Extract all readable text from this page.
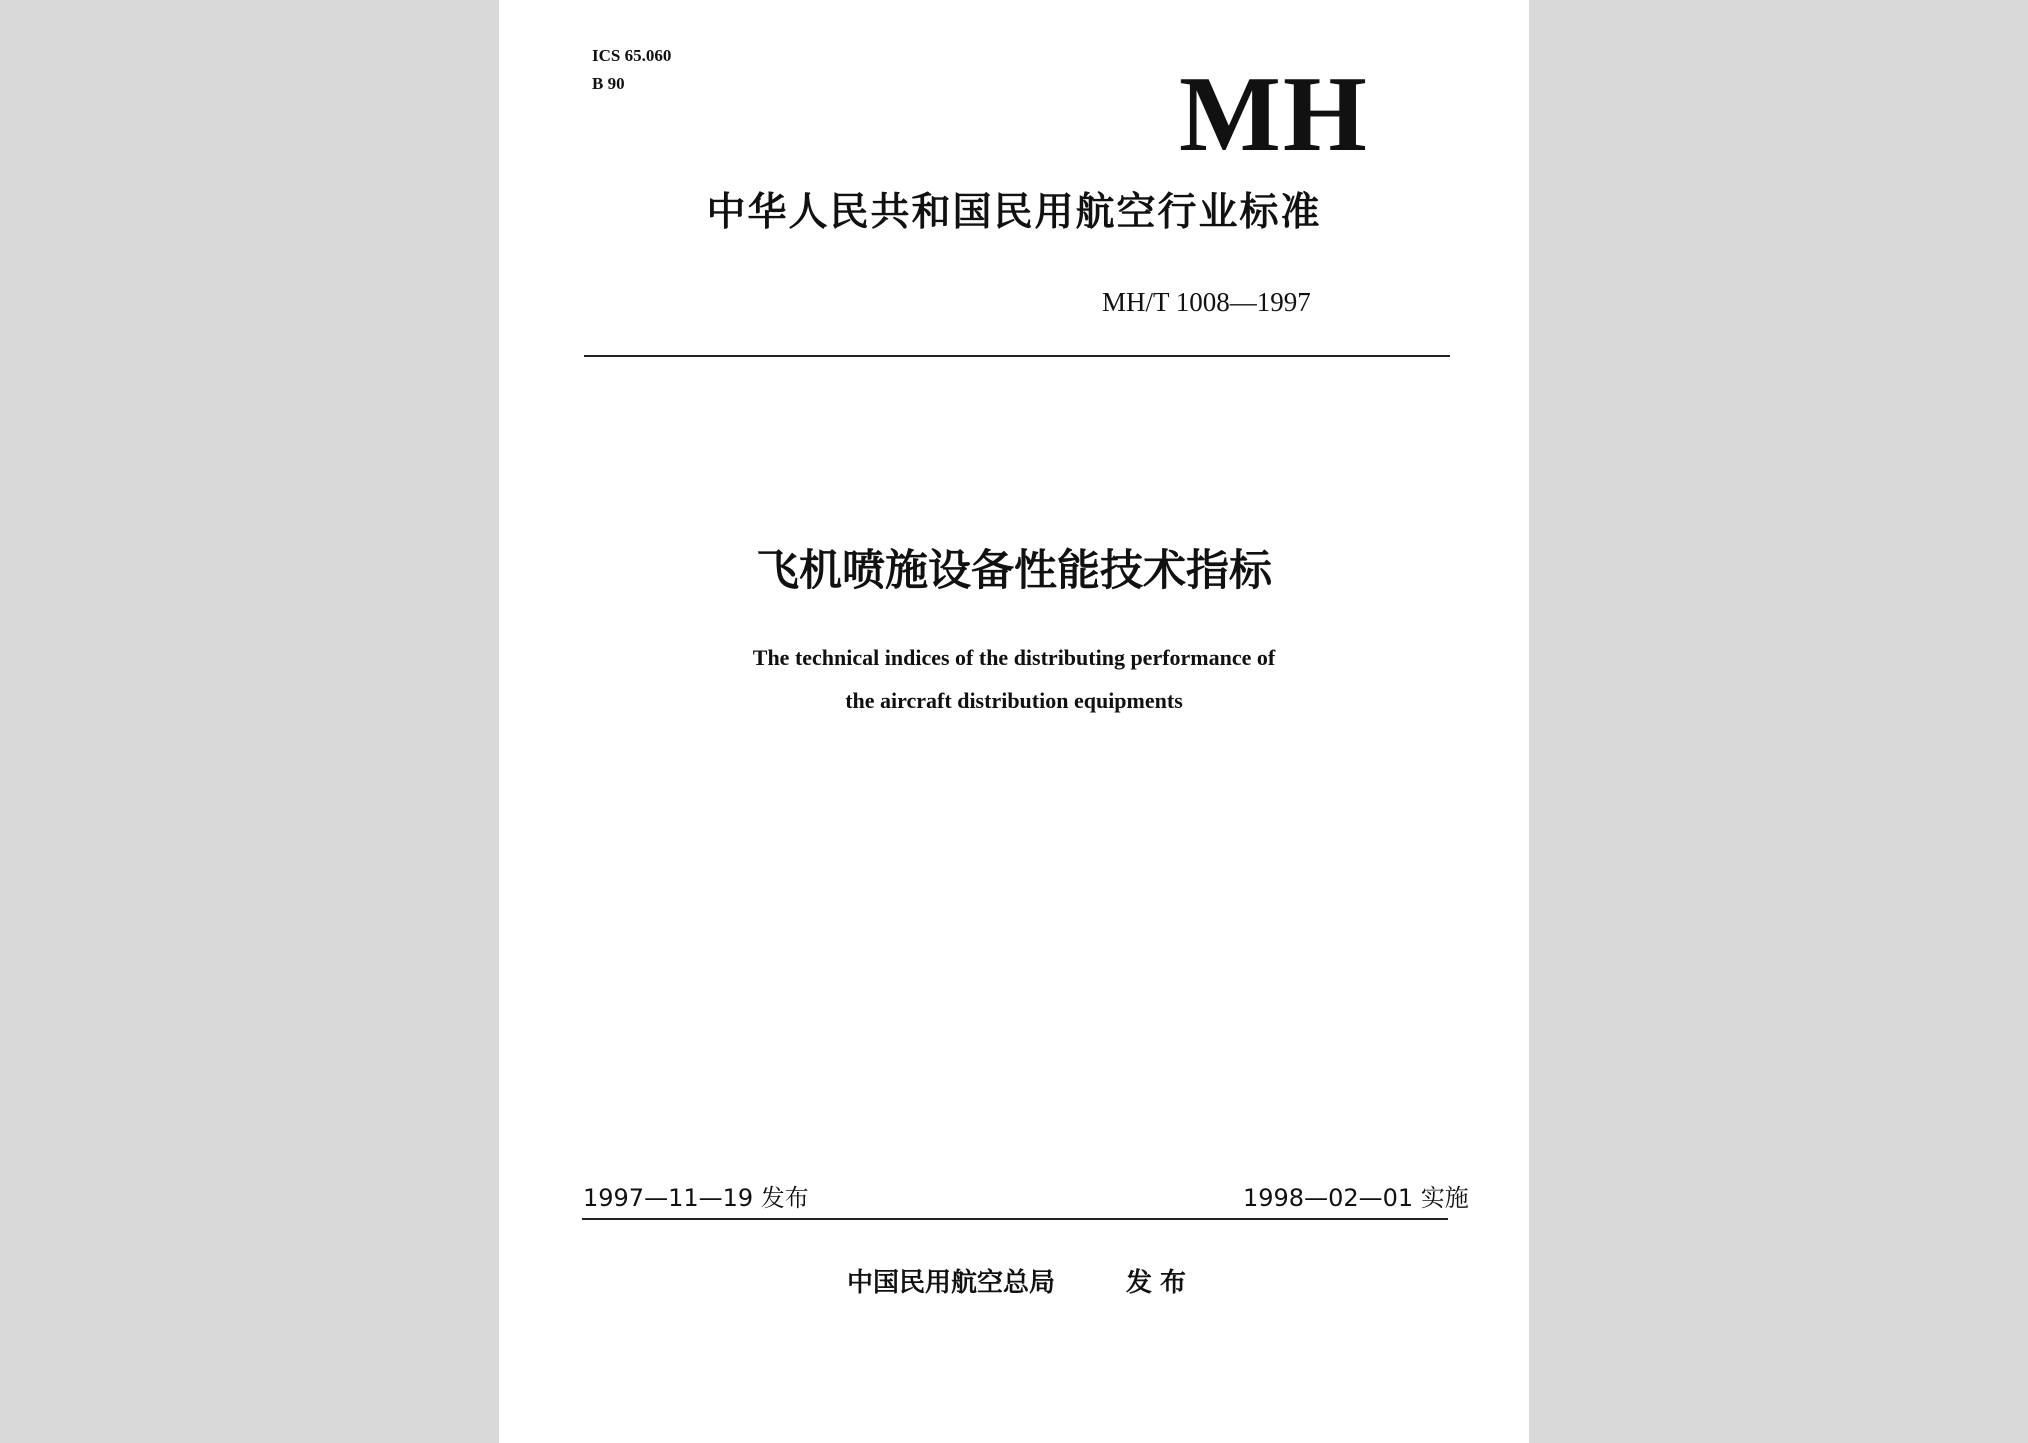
ICS 65.060
B 90	MH
中华人民共和国民用航空行业标准
MH/T 1008—1997
飞机喷施设备性能技术指标
The technical indices of the distributing performance of
the aircraft distribution equipments
1997—11—19 发布	1998—02—01 实施
中国民用航空总局	发布
